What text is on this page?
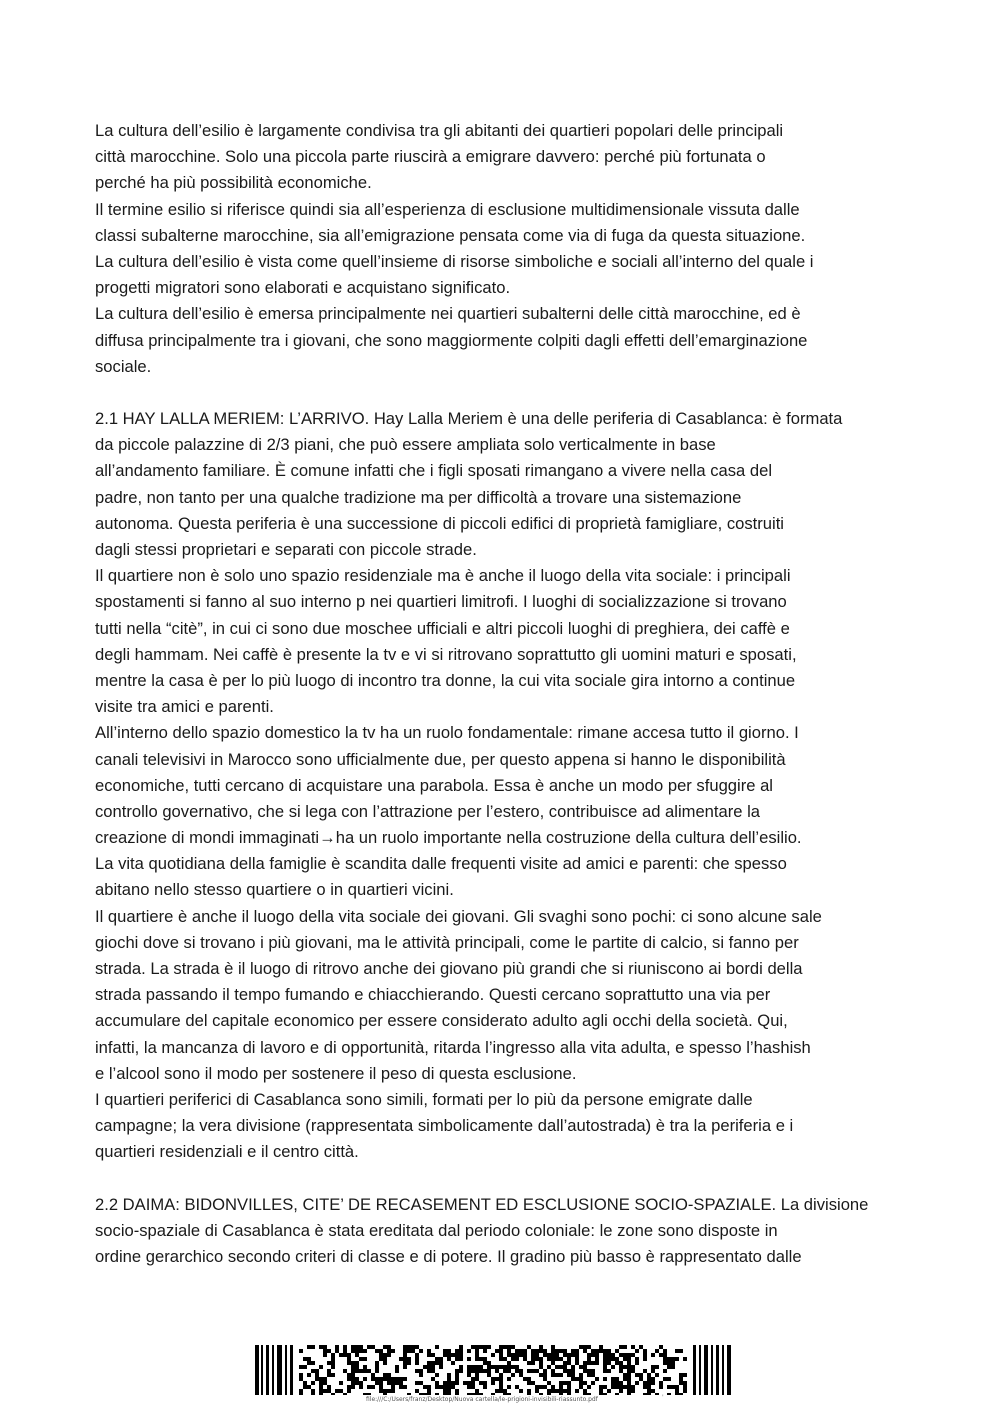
La cultura dell’esilio è largamente condivisa tra gli abitanti dei quartieri popolari delle principali
città marocchine. Solo una piccola parte riuscirà a emigrare davvero: perché più fortunata o
perché ha più possibilità economiche.
Il termine esilio si riferisce quindi sia all’esperienza di esclusione multidimensionale vissuta dalle
classi subalterne marocchine, sia all’emigrazione pensata come via di fuga da questa situazione.
La cultura dell’esilio è vista come quell’insieme di risorse simboliche e sociali all’interno del quale i
progetti migratori sono elaborati e acquistano significato.
La cultura dell’esilio è emersa principalmente nei quartieri subalterni delle città marocchine, ed è
diffusa principalmente tra i giovani, che sono maggiormente colpiti dagli effetti dell’emarginazione
sociale.
2.1 HAY LALLA MERIEM: L’ARRIVO. Hay Lalla Meriem è una delle periferia di Casablanca: è formata
da piccole palazzine di 2/3 piani, che può essere ampliata solo verticalmente in base
all’andamento familiare. È comune infatti che i figli sposati rimangano a vivere nella casa del
padre, non tanto per una qualche tradizione ma per difficoltà a trovare una sistemazione
autonoma. Questa periferia è una successione di piccoli edifici di proprietà famigliare, costruiti
dagli stessi proprietari e separati con piccole strade.
Il quartiere non è solo uno spazio residenziale ma è anche il luogo della vita sociale: i principali
spostamenti si fanno al suo interno p nei quartieri limitrofi. I luoghi di socializzazione si trovano
tutti nella “citè”, in cui ci sono due moschee ufficiali e altri piccoli luoghi di preghiera, dei caffè e
degli hammam. Nei caffè è presente la tv e vi si ritrovano soprattutto gli uomini maturi e sposati,
mentre la casa è per lo più luogo di incontro tra donne, la cui vita sociale gira intorno a continue
visite tra amici e parenti.
All’interno dello spazio domestico la tv ha un ruolo fondamentale: rimane accesa tutto il giorno. I
canali televisivi in Marocco sono ufficialmente due, per questo appena si hanno le disponibilità
economiche, tutti cercano di acquistare una parabola. Essa è anche un modo per sfuggire al
controllo governativo, che si lega con l’attrazione per l’estero, contribuisce ad alimentare la
creazione di mondi immaginati→ha un ruolo importante nella costruzione della cultura dell’esilio.
La vita quotidiana della famiglie è scandita dalle frequenti visite ad amici e parenti: che spesso
abitano nello stesso quartiere o in quartieri vicini.
Il quartiere è anche il luogo della vita sociale dei giovani. Gli svaghi sono pochi: ci sono alcune sale
giochi dove si trovano i più giovani, ma le attività principali, come le partite di calcio, si fanno per
strada. La strada è il luogo di ritrovo anche dei giovano più grandi che si riuniscono ai bordi della
strada passando il tempo fumando e chiacchierando. Questi cercano soprattutto una via per
accumulare del capitale economico per essere considerato adulto agli occhi della società. Qui,
infatti, la mancanza di lavoro e di opportunità, ritarda l’ingresso alla vita adulta, e spesso l’hashish
e l’alcool sono il modo per sostenere il peso di questa esclusione.
I quartieri periferici di Casablanca sono simili, formati per lo più da persone emigrate dalle
campagne; la vera divisione (rappresentata simbolicamente dall’autostrada) è tra la periferia e i
quartieri residenziali e il centro città.
2.2 DAIMA: BIDONVILLES, CITE’ DE RECASEMENT ED ESCLUSIONE SOCIO-SPAZIALE. La divisione
socio-spaziale di Casablanca è stata ereditata dal periodo coloniale: le zone sono disposte in
ordine gerarchico secondo criteri di classe e di potere. Il gradino più basso è rappresentato dalle
file:///C:/Users/franz/Desktop/Nuova cartella/le-prigioni-invisibili-riassunto.pdf	'
